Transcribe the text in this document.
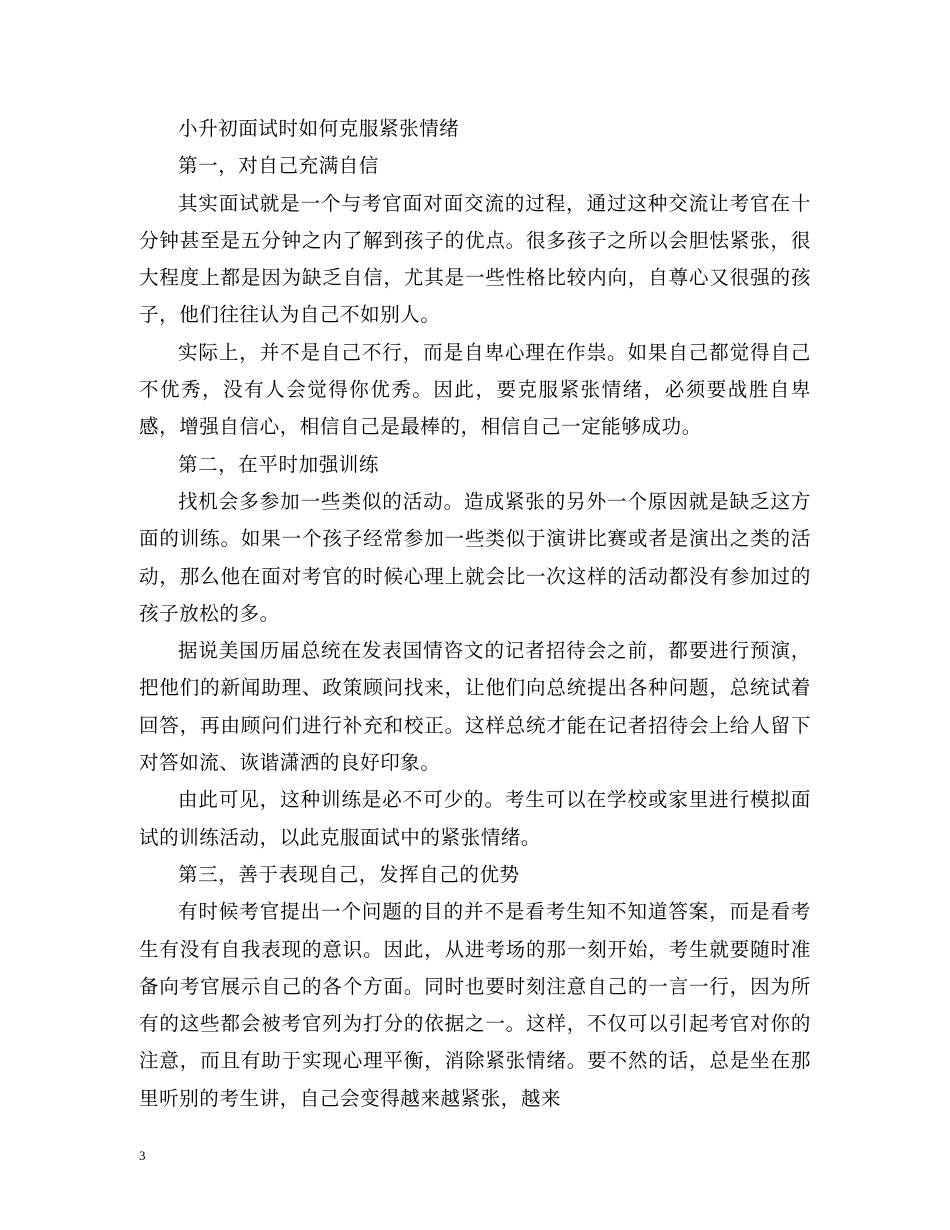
小升初面试时如何克服紧张情绪

第一，对自己充满自信

其实面试就是一个与考官面对面交流的过程，通过这种交流让考官在十分钟甚至是五分钟之内了解到孩子的优点。很多孩子之所以会胆怯紧张，很大程度上都是因为缺乏自信，尤其是一些性格比较内向，自尊心又很强的孩子，他们往往认为自己不如别人。

实际上，并不是自己不行，而是自卑心理在作祟。如果自己都觉得自己不优秀，没有人会觉得你优秀。因此，要克服紧张情绪，必须要战胜自卑感，增强自信心，相信自己是最棒的，相信自己一定能够成功。

第二，在平时加强训练

找机会多参加一些类似的活动。造成紧张的另外一个原因就是缺乏这方面的训练。如果一个孩子经常参加一些类似于演讲比赛或者是演出之类的活动，那么他在面对考官的时候心理上就会比一次这样的活动都没有参加过的孩子放松的多。

据说美国历届总统在发表国情咨文的记者招待会之前，都要进行预演，把他们的新闻助理、政策顾问找来，让他们向总统提出各种问题，总统试着回答，再由顾问们进行补充和校正。这样总统才能在记者招待会上给人留下对答如流、诙谐潇洒的良好印象。

由此可见，这种训练是必不可少的。考生可以在学校或家里进行模拟面试的训练活动，以此克服面试中的紧张情绪。

第三，善于表现自己，发挥自己的优势

有时候考官提出一个问题的目的并不是看考生知不知道答案，而是看考生有没有自我表现的意识。因此，从进考场的那一刻开始，考生就要随时准备向考官展示自己的各个方面。同时也要时刻注意自己的一言一行，因为所有的这些都会被考官列为打分的依据之一。这样，不仅可以引起考官对你的注意，而且有助于实现心理平衡，消除紧张情绪。要不然的话，总是坐在那里听别的考生讲，自己会变得越来越紧张，越来

3
